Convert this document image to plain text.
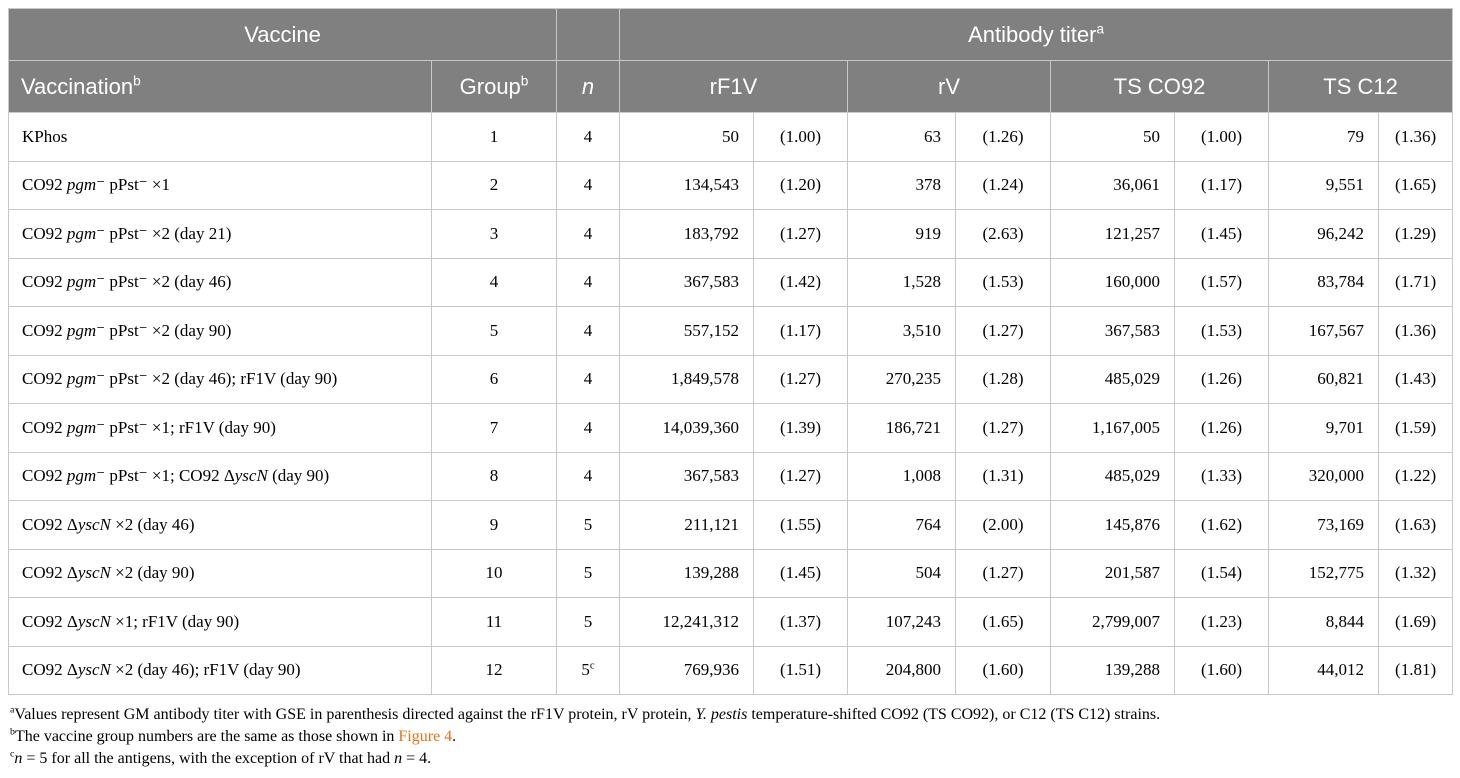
Vaccine			Antibody titer$^a$
Vaccination$^b$	Group$^b$	n	rF1V		rV		TS CO92		TS C12	
KPhos	1	4	50	(1.00)	63	(1.26)	50	(1.00)	79	(1.36)
CO92 pgm⁻ pPst⁻ ×1	2	4	134,543	(1.20)	378	(1.24)	36,061	(1.17)	9,551	(1.65)
CO92 pgm⁻ pPst⁻ ×2 (day 21)	3	4	183,792	(1.27)	919	(2.63)	121,257	(1.45)	96,242	(1.29)
CO92 pgm⁻ pPst⁻ ×2 (day 46)	4	4	367,583	(1.42)	1,528	(1.53)	160,000	(1.57)	83,784	(1.71)
CO92 pgm⁻ pPst⁻ ×2 (day 90)	5	4	557,152	(1.17)	3,510	(1.27)	367,583	(1.53)	167,567	(1.36)
CO92 pgm⁻ pPst⁻ ×2 (day 46); rF1V (day 90)	6	4	1,849,578	(1.27)	270,235	(1.28)	485,029	(1.26)	60,821	(1.43)
CO92 pgm⁻ pPst⁻ ×1; rF1V (day 90)	7	4	14,039,360	(1.39)	186,721	(1.27)	1,167,005	(1.26)	9,701	(1.59)
CO92 pgm⁻ pPst⁻ ×1; CO92 ΔyscN (day 90)	8	4	367,583	(1.27)	1,008	(1.31)	485,029	(1.33)	320,000	(1.22)
CO92 ΔyscN ×2 (day 46)	9	5	211,121	(1.55)	764	(2.00)	145,876	(1.62)	73,169	(1.63)
CO92 ΔyscN ×2 (day 90)	10	5	139,288	(1.45)	504	(1.27)	201,587	(1.54)	152,775	(1.32)
CO92 ΔyscN ×1; rF1V (day 90)	11	5	12,241,312	(1.37)	107,243	(1.65)	2,799,007	(1.23)	8,844	(1.69)
CO92 ΔyscN ×2 (day 46); rF1V (day 90)	12	5$^c$	769,936	(1.51)	204,800	(1.60)	139,288	(1.60)	44,012	(1.81)

$^a$Values represent GM antibody titer with GSE in parenthesis directed against the rF1V protein, rV protein, Y. pestis temperature-shifted CO92 (TS CO92), or C12 (TS C12) strains.

$^b$The vaccine group numbers are the same as those shown in Figure 4.

$^c$n = 5 for all the antigens, with the exception of rV that had n = 4.
